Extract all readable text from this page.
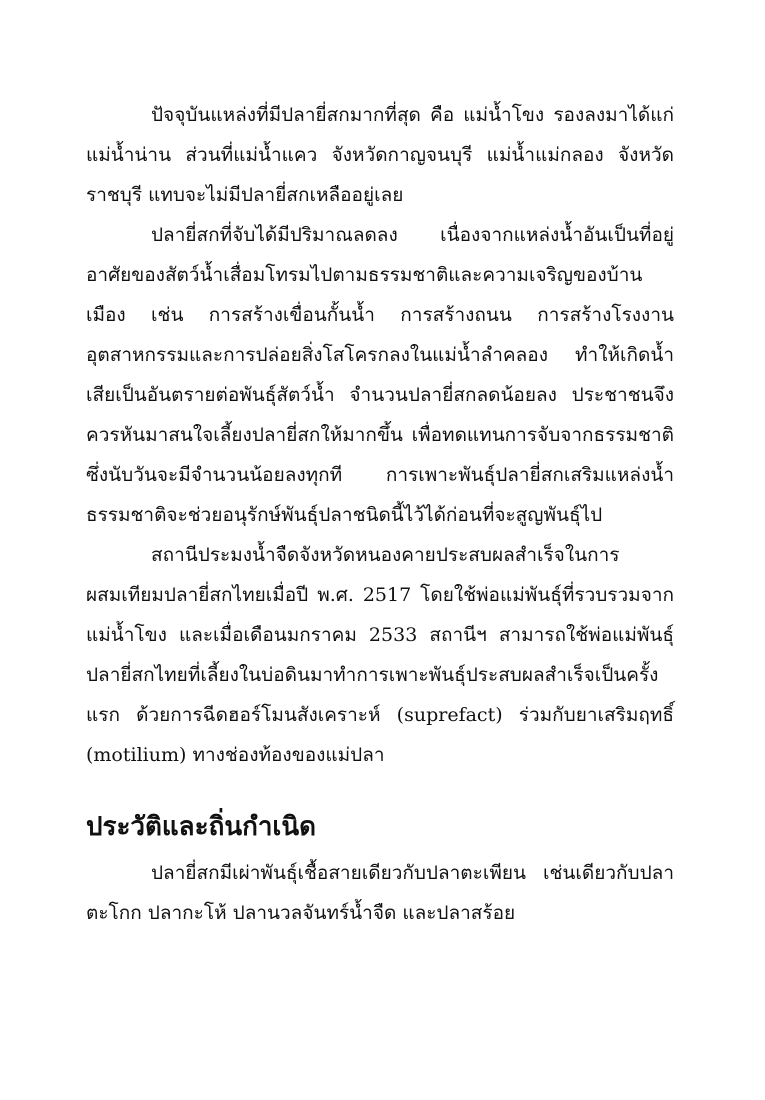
ปัจจุบันแหล่งที่มีปลายี่สกมากที่สุด คือ แม่น้ำโขง รองลงมาได้แก่ แม่น้ำน่าน ส่วนที่แม่น้ำแคว จังหวัดกาญจนบุรี แม่น้ำแม่กลอง จังหวัดราชบุรี แทบจะไม่มีปลายี่สกเหลืออยู่เลย

ปลายี่สกที่จับได้มีปริมาณลดลง เนื่องจากแหล่งน้ำอันเป็นที่อยู่อาศัยของสัตว์น้ำเสื่อมโทรมไปตามธรรมชาติและความเจริญของบ้านเมือง เช่น การสร้างเขื่อนกั้นน้ำ การสร้างถนน การสร้างโรงงานอุตสาหกรรมและการปล่อยสิ่งโสโครกลงในแม่น้ำลำคลอง ทำให้เกิดน้ำเสียเป็นอันตรายต่อพันธุ์สัตว์น้ำ จำนวนปลายี่สกลดน้อยลง ประชาชนจึงควรหันมาสนใจเลี้ยงปลายี่สกให้มากขึ้น เพื่อทดแทนการจับจากธรรมชาติซึ่งนับวันจะมีจำนวนน้อยลงทุกที การเพาะพันธุ์ปลายี่สกเสริมแหล่งน้ำธรรมชาติจะช่วยอนุรักษ์พันธุ์ปลาชนิดนี้ไว้ได้ก่อนที่จะสูญพันธุ์ไป

สถานีประมงน้ำจืดจังหวัดหนองคายประสบผลสำเร็จในการผสมเทียมปลายี่สกไทยเมื่อปี พ.ศ. 2517 โดยใช้พ่อแม่พันธุ์ที่รวบรวมจากแม่น้ำโขง และเมื่อเดือนมกราคม 2533 สถานีฯ สามารถใช้พ่อแม่พันธุ์ปลายี่สกไทยที่เลี้ยงในบ่อดินมาทำการเพาะพันธุ์ประสบผลสำเร็จเป็นครั้งแรก ด้วยการฉีดฮอร์โมนสังเคราะห์ (suprefact) ร่วมกับยาเสริมฤทธิ์ (motilium) ทางช่องท้องของแม่ปลา

ประวัติและถิ่นกำเนิด

ปลายี่สกมีเผ่าพันธุ์เชื้อสายเดียวกับปลาตะเพียน เช่นเดียวกับปลาตะโกก ปลากะโห้ ปลานวลจันทร์น้ำจืด และปลาสร้อย
